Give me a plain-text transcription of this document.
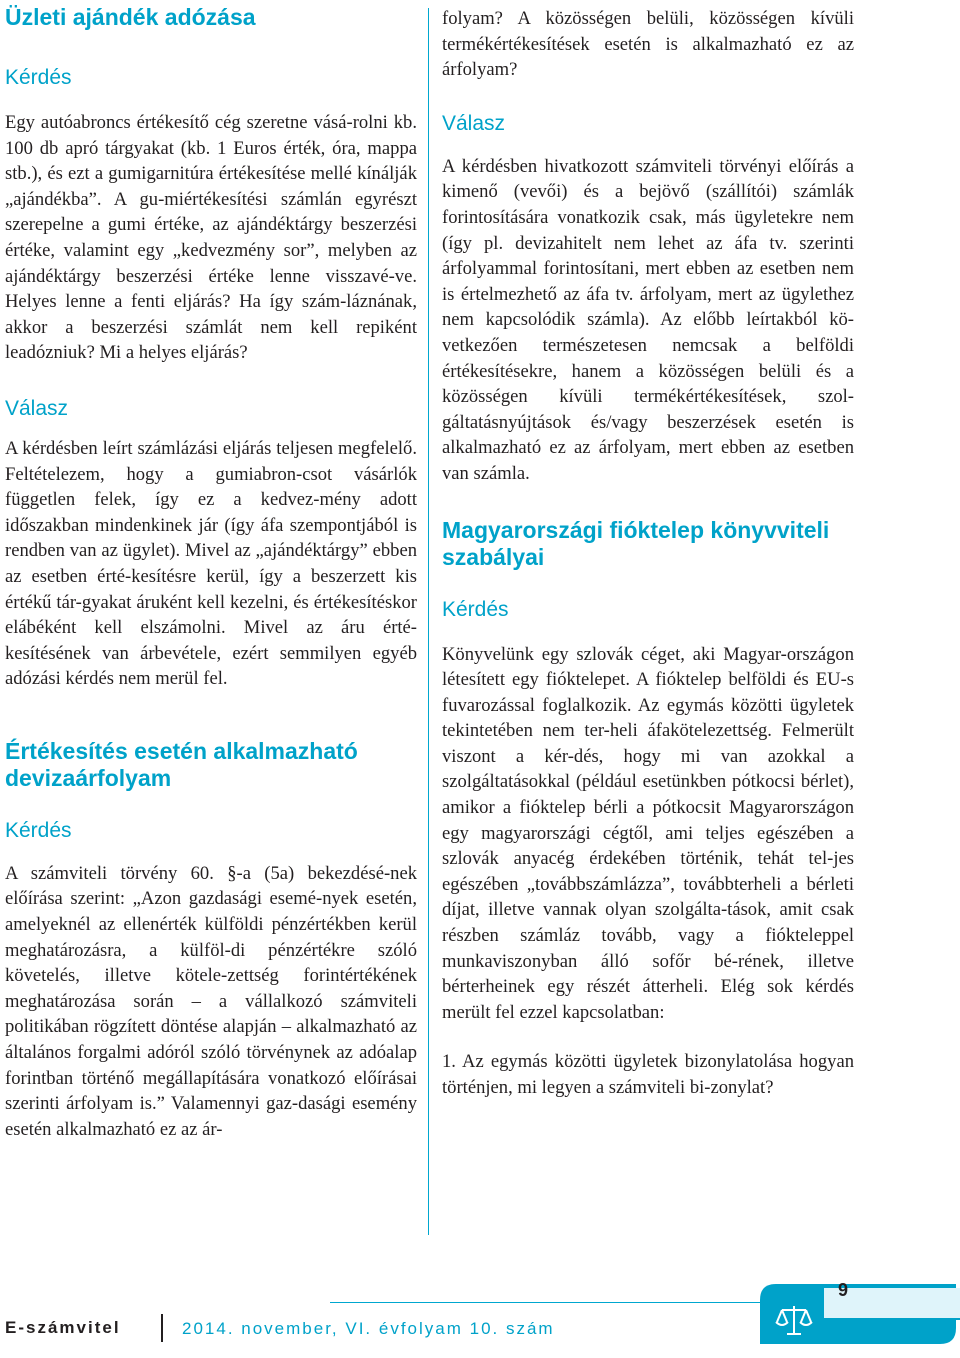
Üzleti ajándék adózása
Kérdés

Egy autóabroncs értékesítő cég szeretne vásá-rolni kb. 100 db apró tárgyakat (kb. 1 Euros érték, óra, mappa stb.), és ezt a gumigarnitúra értékesítése mellé kínálják „ajándékba”. A gu-miértékesítési számlán egyrészt szerepelne a gumi értéke, az ajándéktárgy beszerzési értéke, valamint egy „kedvezmény sor”, melyben az ajándéktárgy beszerzési értéke lenne visszavé-ve. Helyes lenne a fenti eljárás? Ha így szám-láznának, akkor a beszerzési számlát nem kell repiként leadózniuk? Mi a helyes eljárás?

Válasz

A kérdésben leírt számlázási eljárás teljesen megfelelő. Feltételezem, hogy a gumiabron-csot vásárlók független felek, így ez a kedvez-mény adott időszakban mindenkinek jár (így áfa szempontjából is rendben van az ügylet). Mivel az „ajándéktárgy” ebben az esetben érté-kesítésre kerül, így a beszerzett kis értékű tár-gyakat áruként kell kezelni, és értékesítéskor elábéként kell elszámolni. Mivel az áru érté-kesítésének van árbevétele, ezért semmilyen egyéb adózási kérdés nem merül fel.

Értékesítés esetén alkalmazható devizaárfolyam
Kérdés

A számviteli törvény 60. §-a (5a) bekezdésé-nek előírása szerint: „Azon gazdasági esemé-nyek esetén, amelyeknél az ellenérték külföldi pénzértékben kerül meghatározásra, a külföl-di pénzértékre szóló követelés, illetve kötele-zettség forintértékének meghatározása során – a vállalkozó számviteli politikában rögzített döntése alapján – alkalmazható az általános forgalmi adóról szóló törvénynek az adóalap forintban történő megállapítására vonatkozó előírásai szerinti árfolyam is.” Valamennyi gaz-dasági esemény esetén alkalmazható ez az ár-

folyam? A közösségen belüli, közösségen kívüli termékértékesítések esetén is alkalmazható ez az árfolyam?

Válasz

A kérdésben hivatkozott számviteli törvényi előírás a kimenő (vevői) és a bejövő (szállítói) számlák forintosítására vonatkozik csak, más ügyletekre nem (így pl. devizahitelt nem lehet az áfa tv. szerinti árfolyammal forintosítani, mert ebben az esetben nem is értelmezhető az áfa tv. árfolyam, mert az ügylethez nem kapcsolódik számla). Az előbb leírtakból kö-vetkezően természetesen nemcsak a belföldi értékesítésekre, hanem a közösségen belüli és a közösségen kívüli termékértékesítések, szol-gáltatásnyújtások és/vagy beszerzések esetén is alkalmazható ez az árfolyam, mert ebben az esetben van számla.

Magyarországi fióktelep könyvviteli szabályai
Kérdés

Könyvelünk egy szlovák céget, aki Magyar-országon létesített egy fióktelepet. A fióktelep belföldi és EU-s fuvarozással foglalkozik. Az egymás közötti ügyletek tekintetében nem ter-heli áfakötelezettség. Felmerült viszont a kér-dés, hogy mi van azokkal a szolgáltatásokkal (például esetünkben pótkocsi bérlet), amikor a fióktelep bérli a pótkocsit Magyarországon egy magyarországi cégtől, ami teljes egészében a szlovák anyacég érdekében történik, tehát tel-jes egészében „továbbszámlázza”, továbbterheli a bérleti díjat, illetve vannak olyan szolgálta-tások, amit csak részben számláz tovább, vagy a fiókteleppel munkaviszonyban álló sofőr bé-rének, illetve bérterheinek egy részét átterheli. Elég sok kérdés merült fel ezzel kapcsolatban:

1. Az egymás közötti ügyletek bizonylatolása hogyan történjen, mi legyen a számviteli bi-zonylat?

E-számvitel	2014. november, VI. évfolyam 10. szám
9
